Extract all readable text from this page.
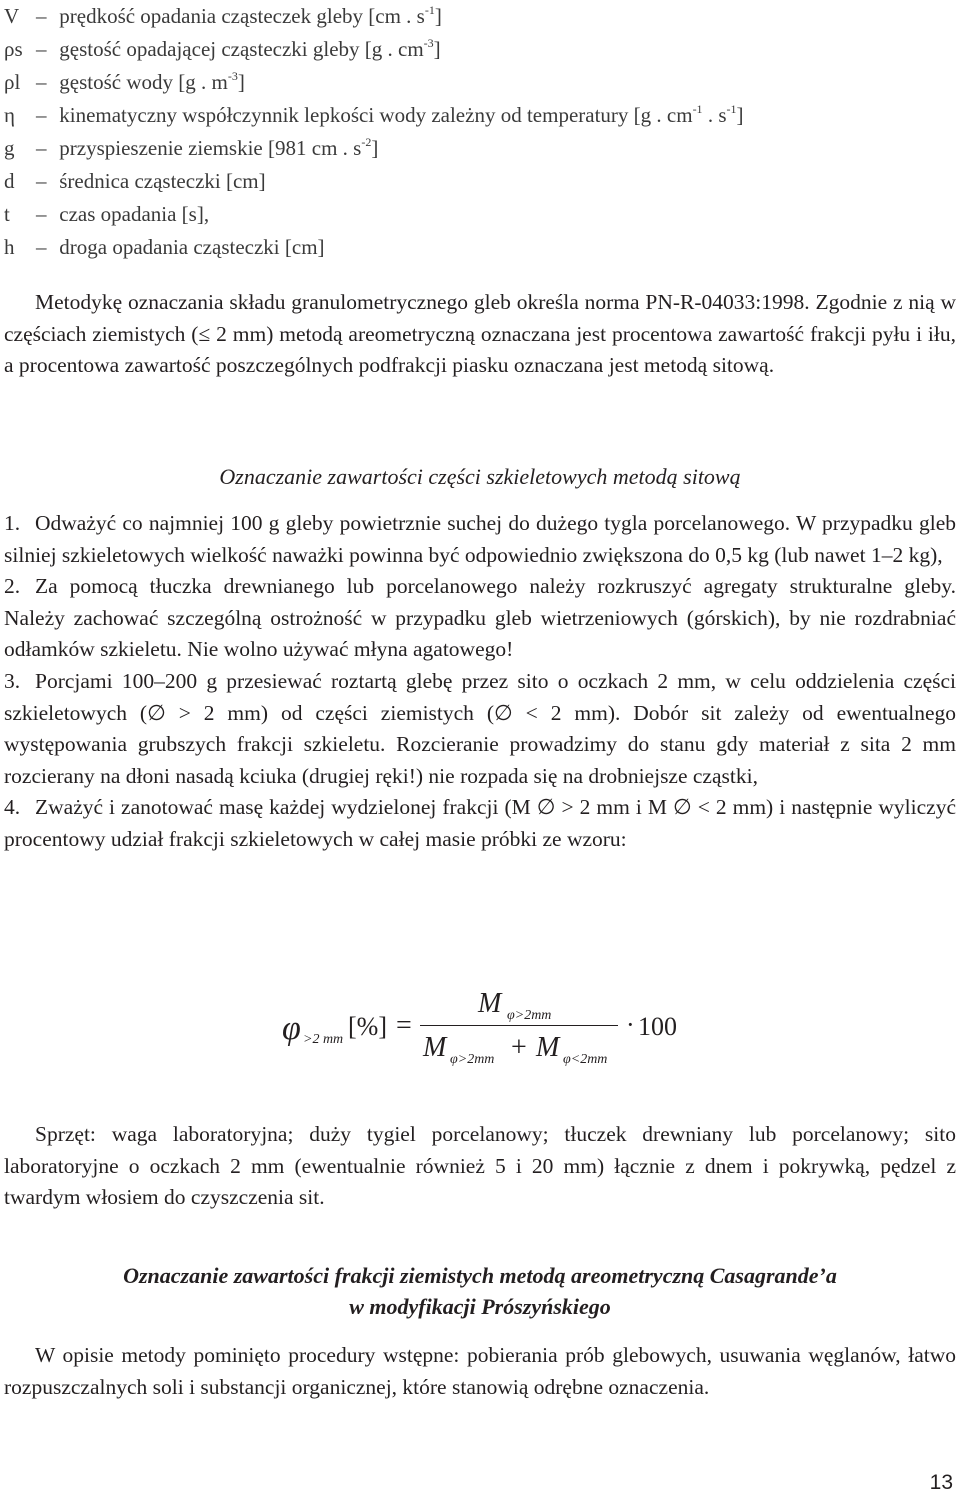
V – prędkość opadania cząsteczek gleby [cm . $s^{-1}$]
ρs – gęstość opadającej cząsteczki gleby [g . $cm^{-3}$]
ρl – gęstość wody [g . $m^{-3}$]
η – kinematyczny współczynnik lepkości wody zależny od temperatury [g . $cm^{-1}$ . $s^{-1}$]
g – przyspieszenie ziemskie [981 cm . $s^{-2}$]
d – średnica cząsteczki [cm]
t – czas opadania [s],
h – droga opadania cząsteczki [cm]
Metodykę oznaczania składu granulometrycznego gleb określa norma PN-R-04033:1998. Zgodnie z nią w częściach ziemistych (≤ 2 mm) metodą areometryczną oznaczana jest procentowa zawartość frakcji pyłu i iłu, a procentowa zawartość poszczególnych podfrakcji piasku oznaczana jest metodą sitową.
Oznaczanie zawartości części szkieletowych metodą sitową

1. Odważyć co najmniej 100 g gleby powietrznie suchej do dużego tygla porcelanowego. W przypadku gleb silniej szkieletowych wielkość naważki powinna być odpowiednio zwiększona do 0,5 kg (lub nawet 1–2 kg),

2. Za pomocą tłuczka drewnianego lub porcelanowego należy rozkruszyć agregaty strukturalne gleby. Należy zachować szczególną ostrożność w przypadku gleb wietrzeniowych (górskich), by nie rozdrabniać odłamków szkieletu. Nie wolno używać młyna agatowego!

3. Porcjami 100–200 g przesiewać roztartą glebę przez sito o oczkach 2 mm, w celu oddzielenia części szkieletowych (∅ > 2 mm) od części ziemistych (∅ < 2 mm). Dobór sit zależy od ewentualnego występowania grubszych frakcji szkieletu. Rozcieranie prowadzimy do stanu gdy materiał z sita 2 mm rozcierany na dłoni nasadą kciuka (drugiej ręki!) nie rozpada się na drobniejsze cząstki,

4. Zważyć i zanotować masę każdej wydzielonej frakcji (M ∅ > 2 mm i M ∅ < 2 mm) i następnie wyliczyć procentowy udział frakcji szkieletowych w całej masie próbki ze wzoru:

φ >2 mm [%] =
M φ>2mm
M φ>2mm + M φ<2mm
· 100
Sprzęt: waga laboratoryjna; duży tygiel porcelanowy; tłuczek drewniany lub porcelanowy; sito laboratoryjne o oczkach 2 mm (ewentualnie również 5 i 20 mm) łącznie z dnem i pokrywką, pędzel z twardym włosiem do czyszczenia sit.
Oznaczanie zawartości frakcji ziemistych metodą areometryczną Casagrande’a
w modyfikacji Prószyńskiego
W opisie metody pominięto procedury wstępne: pobierania prób glebowych, usuwania węglanów, łatwo rozpuszczalnych soli i substancji organicznej, które stanowią odrębne oznaczenia.
13
